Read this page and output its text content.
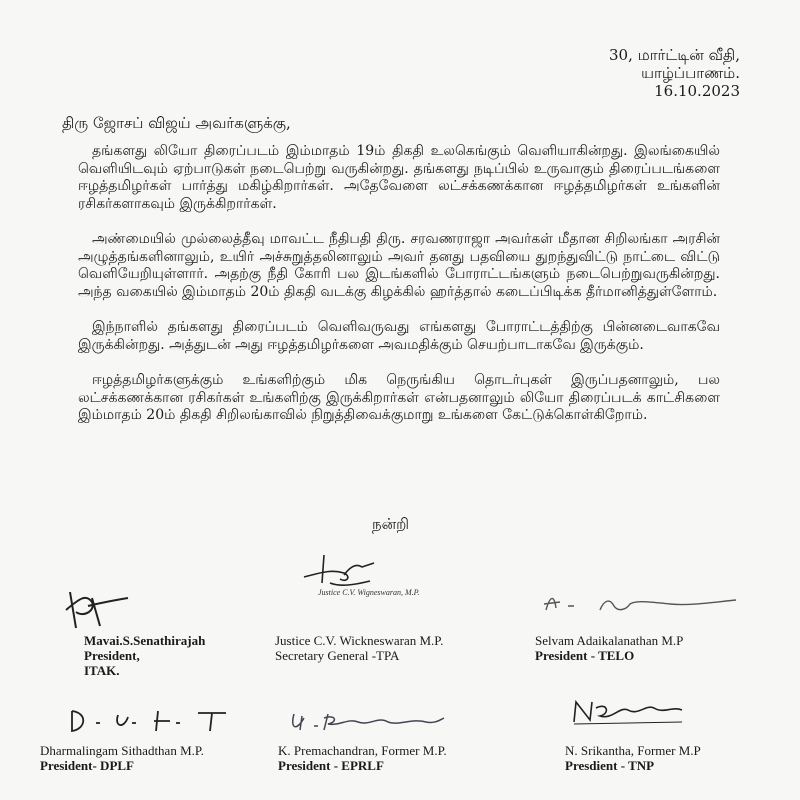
30, மார்ட்டின் வீதி,
யாழ்ப்பாணம்.
16.10.2023
திரு ஜோசப் விஜய் அவர்களுக்கு,

தங்களது லியோ திரைப்படம் இம்மாதம் 19ம் திகதி உலகெங்கும் வெளியாகின்றது. இலங்கையில் வெளியிடவும் ஏற்பாடுகள் நடைபெற்று வருகின்றது. தங்களது நடிப்பில் உருவாகும் திரைப்படங்களை ஈழத்தமிழர்கள் பார்த்து மகிழ்கிறார்கள். அதேவேளை லட்சக்கணக்கான ஈழத்தமிழர்கள் உங்களின் ரசிகர்களாகவும் இருக்கிறார்கள்.

அண்மையில் முல்லைத்தீவு மாவட்ட நீதிபதி திரு. சரவணராஜா அவர்கள் மீதான சிறிலங்கா அரசின் அழுத்தங்களினாலும், உயிர் அச்சுறுத்தலினாலும் அவர் தனது பதவியை துறந்துவிட்டு நாட்டை விட்டு வெளியேறியுள்ளார். அதற்கு நீதி கோரி பல இடங்களில் போராட்டங்களும் நடைபெற்றுவருகின்றது. அந்த வகையில் இம்மாதம் 20ம் திகதி வடக்கு கிழக்கில் ஹர்த்தால் கடைப்பிடிக்க தீர்மானித்துள்ளோம்.

இந்நாளில் தங்களது திரைப்படம் வெளிவருவது எங்களது போராட்டத்திற்கு பின்னடைவாகவே இருக்கின்றது. அத்துடன் அது ஈழத்தமிழர்களை அவமதிக்கும் செயற்பாடாகவே இருக்கும்.

ஈழத்தமிழர்களுக்கும் உங்களிற்கும் மிக நெருங்கிய தொடர்புகள் இருப்பதனாலும், பல லட்சக்கணக்கான ரசிகர்கள் உங்களிற்கு இருக்கிறார்கள் என்பதனாலும் லியோ திரைப்படக் காட்சிகளை இம்மாதம் 20ம் திகதி சிறிலங்காவில் நிறுத்திவைக்குமாறு உங்களை கேட்டுக்கொள்கிறோம்.

நன்றி
Justice C.V. Wigneswaran, M.P.
Mavai.S.Senathirajah
President,
ITAK.
Justice C.V. Wickneswaran M.P.
Secretary General -TPA
Selvam Adaikalanathan M.P
President - TELO
Dharmalingam Sithadthan M.P.
President- DPLF
K. Premachandran, Former M.P.
President - EPRLF
N. Srikantha, Former M.P
Presdient - TNP
